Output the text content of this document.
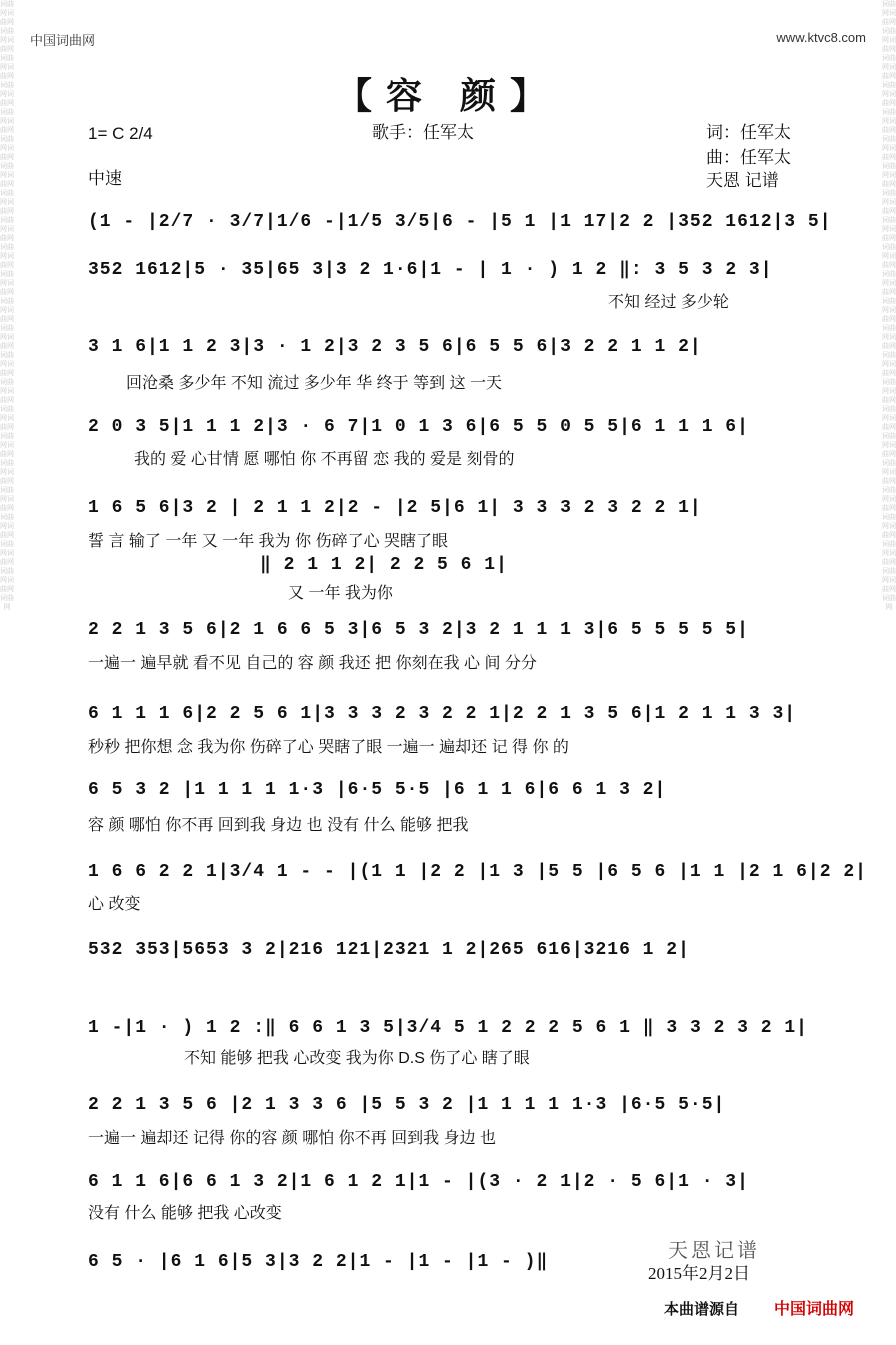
词曲网词曲网词曲网词曲网词曲网词曲网词曲网词曲网词曲网词曲网词曲网词曲网词曲网词曲网词曲网词曲网词曲网词曲网词曲网词曲网词曲网词曲网词曲网词曲网词曲网词曲网词曲网词曲网词曲网词曲网词曲网词曲网词曲网词曲网词曲网词曲网词曲网词曲网词曲网词曲网词曲网词曲网词曲网词曲网词曲网
词曲网词曲网词曲网词曲网词曲网词曲网词曲网词曲网词曲网词曲网词曲网词曲网词曲网词曲网词曲网词曲网词曲网词曲网词曲网词曲网词曲网词曲网词曲网词曲网词曲网词曲网词曲网词曲网词曲网词曲网词曲网词曲网词曲网词曲网词曲网词曲网词曲网词曲网词曲网词曲网词曲网词曲网词曲网词曲网词曲网
中国词曲网	www.ktvc8.com
【容 颜】
1= C 2/4
中速
歌手：任军太	词：任军太
曲：任军太
天恩 记谱
(1 - |2/7 · 3/7|1/6 -|1/5 3/5|6 - |5 1 |1 17|2 2 |352 1612|3 5|
352 1612|5 · 35|65 3|3 2 1·6|1 - | 1 · ) 1 2 ‖: 3 5 3 2 3|
不知 经过 多少轮
3 1 6|1 1 2 3|3 · 1 2|3 2 3 5 6|6 5 5 6|3 2 2 1 1 2|
回沧桑 多少年 不知 流过 多少年 华 终于 等到 这 一天
2 0 3 5|1 1 1 2|3 · 6 7|1 0 1 3 6|6 5 5 0 5 5|6 1 1 1 6|
我的 爱 心甘情 愿 哪怕 你 不再留 恋 我的 爱是 刻骨的
1 6 5 6|3 2 | 2 1 1 2|2 - |2 5|6 1| 3 3 3 2 3 2 2 1|
誓 言 输了 一年 又 一年 我为 你 伤碎了心 哭瞎了眼
‖ 2 1 1 2| 2 2 5 6 1|
又 一年 我为你
2 2 1 3 5 6|2 1 6 6 5 3|6 5 3 2|3 2 1 1 1 3|6 5 5 5 5 5|
一遍一 遍早就 看不见 自己的 容 颜 我还 把 你刻在我 心 间 分分
6 1 1 1 6|2 2 5 6 1|3 3 3 2 3 2 2 1|2 2 1 3 5 6|1 2 1 1 3 3|
秒秒 把你想 念 我为你 伤碎了心 哭瞎了眼 一遍一 遍却还 记 得 你 的
6 5 3 2 |1 1 1 1 1·3 |6·5 5·5 |6 1 1 6|6 6 1 3 2|
容 颜 哪怕 你不再 回到我 身边 也 没有 什么 能够 把我
1 6 6 2 2 1|3/4 1 - - |(1 1 |2 2 |1 3 |5 5 |6 5 6 |1 1 |2 1 6|2 2|
心 改变
532 353|5653 3 2|216 121|2321 1 2|265 616|3216 1 2|
1 -|1 · ) 1 2 :‖ 6 6 1 3 5|3/4 5 1 2 2 2 5 6 1 ‖ 3 3 2 3 2 1|
不知 能够 把我 心改变 我为你 D.S 伤了心 瞎了眼
2 2 1 3 5 6 |2 1 3 3 6 |5 5 3 2 |1 1 1 1 1·3 |6·5 5·5|
一遍一 遍却还 记得 你的容 颜 哪怕 你不再 回到我 身边 也
6 1 1 6|6 6 1 3 2|1 6 1 2 1|1 - |(3 · 2 1|2 · 5 6|1 · 3|
没有 什么 能够 把我 心改变
6 5 · |6 1 6|5 3|3 2 2|1 - |1 - |1 - )‖	天恩记谱
2015年2月2日
本曲谱源自 中国词曲网
